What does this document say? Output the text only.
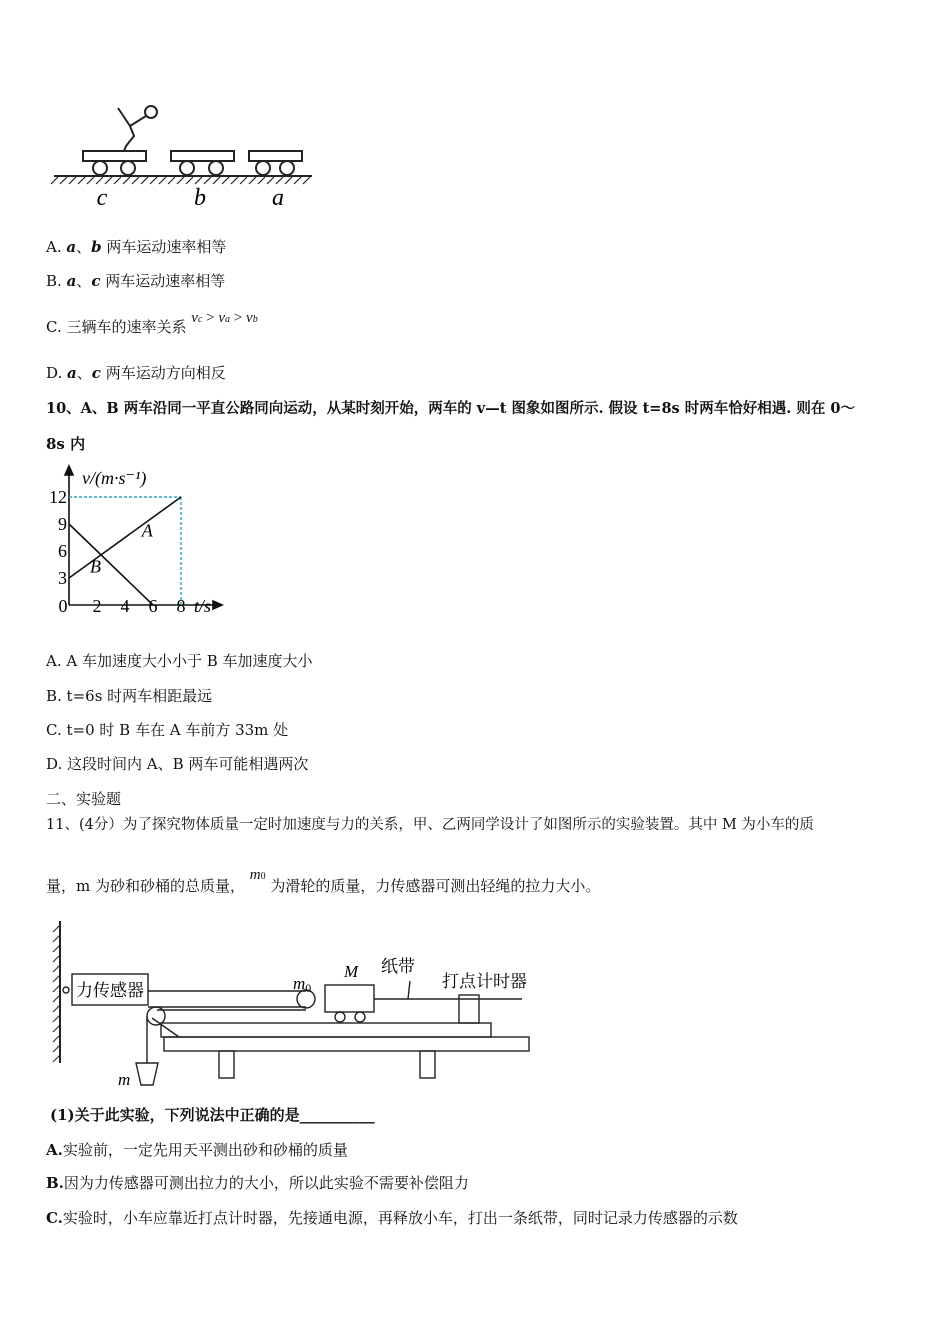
c	b	a
A. a、b 两车运动速率相等
B. a、c 两车运动速率相等
C. 三辆车的速率关系 vc > va > vb
D. a、c 两车运动方向相反
10、A、B 两车沿同一平直公路同向运动，从某时刻开始，两车的 v—t 图象如图所示. 假设 t=8s 时两车恰好相遇. 则在 0～
8s 内
v/(m·s⁻¹)
t/s
A
B
0 2 4 6 8
3
6
9
12
A. A 车加速度大小小于 B 车加速度大小
B. t=6s 时两车相距最远
C. t=0 时 B 车在 A 车前方 33m 处
D. 这段时间内 A、B 两车可能相遇两次
二、实验题
11、(4分）为了探究物体质量一定时加速度与力的关系，甲、乙两同学设计了如图所示的实验装置。其中 M 为小车的质
量，m 为砂和砂桶的总质量， m0 为滑轮的质量，力传感器可测出轻绳的拉力大小。
力传感器	m0
M 纸带
打点计时器
m
(1)关于此实验，下列说法中正确的是__________
A.实验前，一定先用天平测出砂和砂桶的质量
B.因为力传感器可测出拉力的大小，所以此实验不需要补偿阻力
C.实验时，小车应靠近打点计时器，先接通电源，再释放小车，打出一条纸带，同时记录力传感器的示数
